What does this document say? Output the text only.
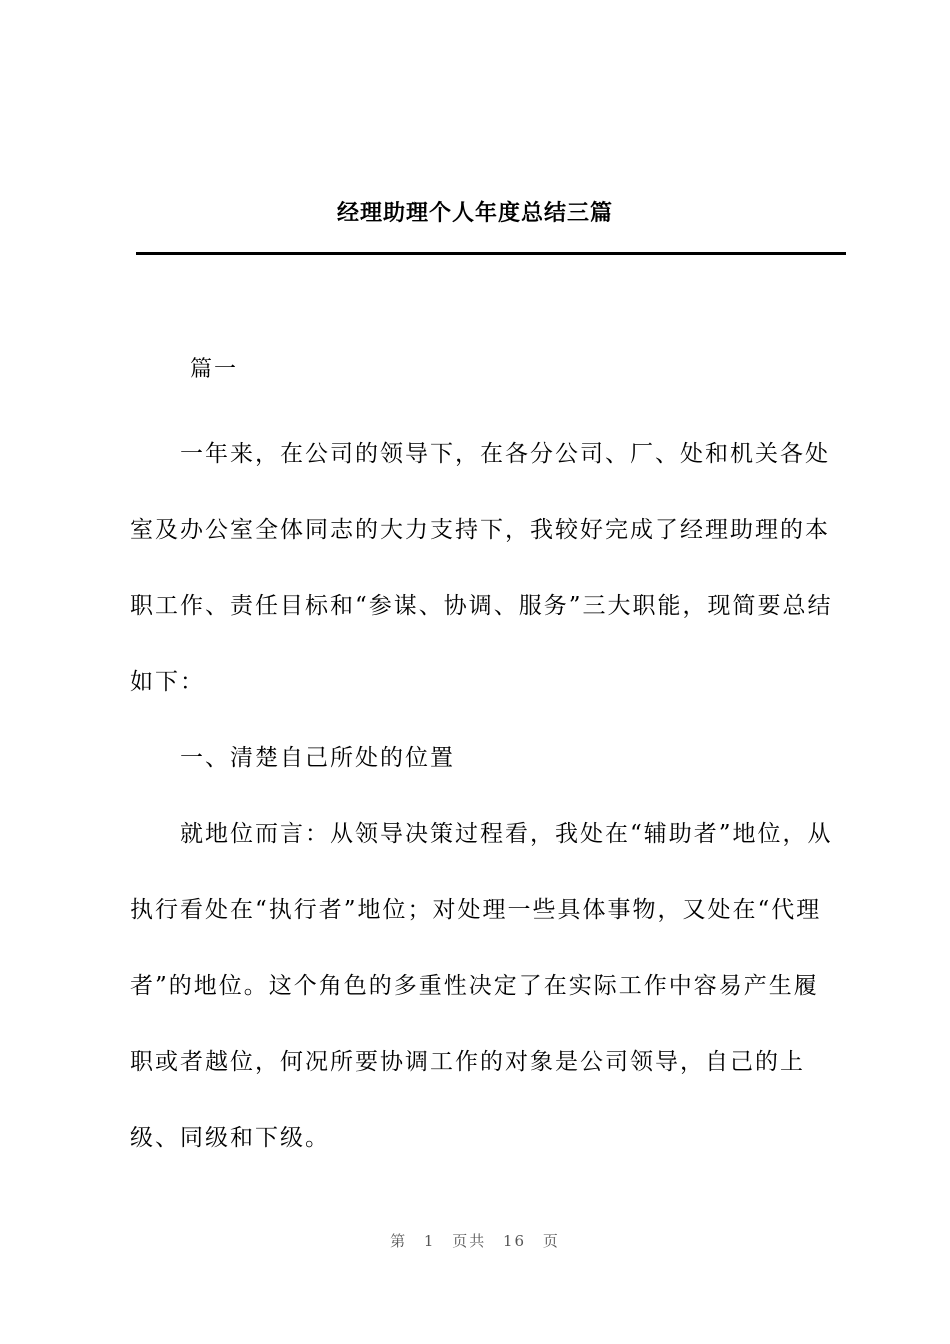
经理助理个人年度总结三篇

篇一

一年来，在公司的领导下，在各分公司、厂、处和机关各处室及办公室全体同志的大力支持下，我较好完成了经理助理的本职工作、责任目标和“参谋、协调、服务”三大职能，现简要总结如下：

一、清楚自己所处的位置

就地位而言：从领导决策过程看，我处在“辅助者”地位，从执行看处在“执行者”地位；对处理一些具体事物，又处在“代理者”的地位。这个角色的多重性决定了在实际工作中容易产生履职或者越位，何况所要协调工作的对象是公司领导，自己的上级、同级和下级。

第 1 页共 16 页
